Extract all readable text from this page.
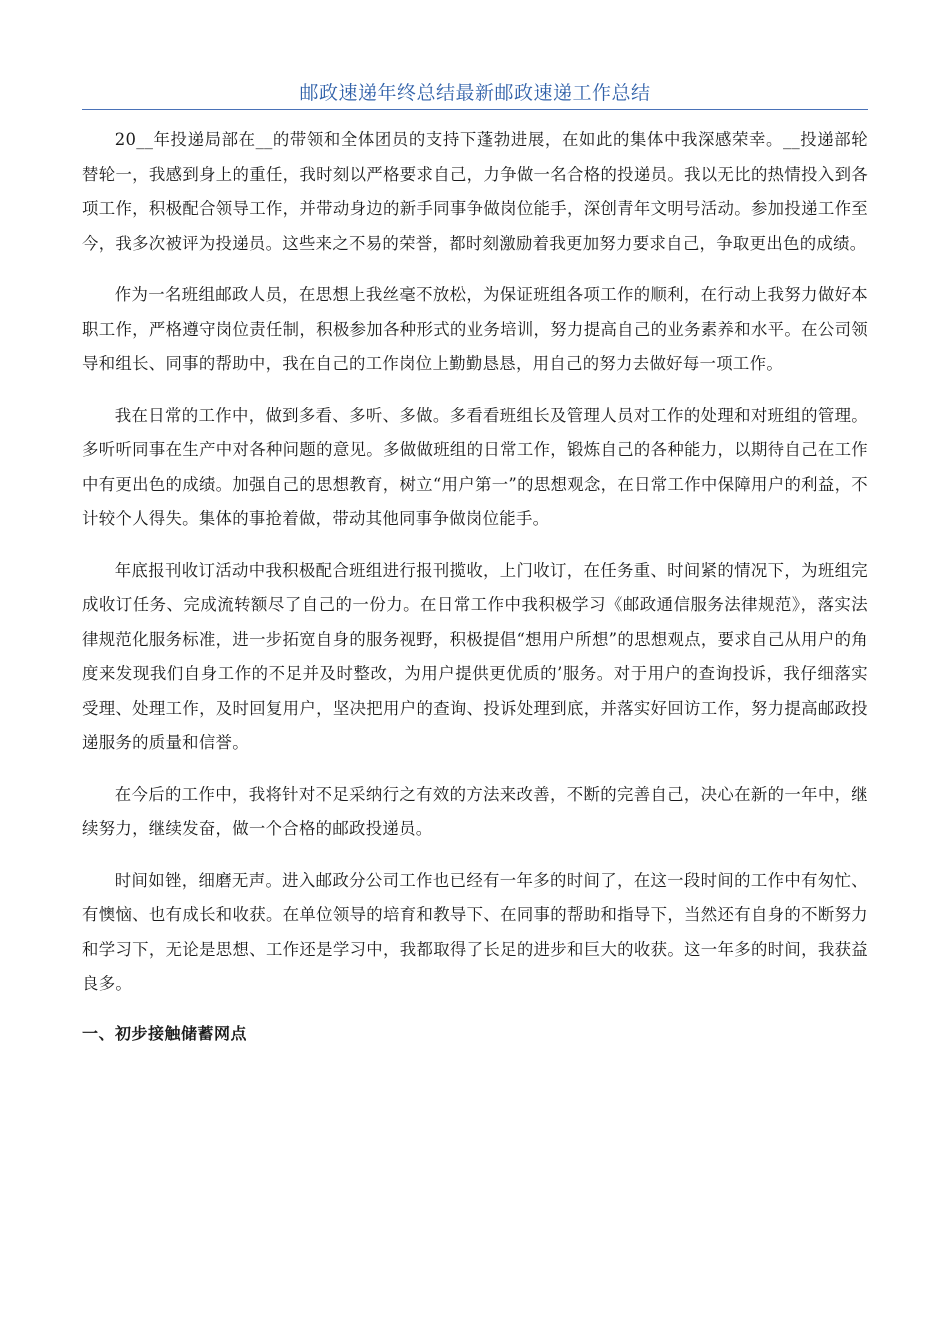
邮政速递年终总结最新邮政速递工作总结

20__年投递局部在__的带领和全体团员的支持下蓬勃进展，在如此的集体中我深感荣幸。__投递部轮替轮一，我感到身上的重任，我时刻以严格要求自己，力争做一名合格的投递员。我以无比的热情投入到各项工作，积极配合领导工作，并带动身边的新手同事争做岗位能手，深创青年文明号活动。参加投递工作至今，我多次被评为投递员。这些来之不易的荣誉，都时刻激励着我更加努力要求自己，争取更出色的成绩。

作为一名班组邮政人员，在思想上我丝毫不放松，为保证班组各项工作的顺利，在行动上我努力做好本职工作，严格遵守岗位责任制，积极参加各种形式的业务培训，努力提高自己的业务素养和水平。在公司领导和组长、同事的帮助中，我在自己的工作岗位上勤勤恳恳，用自己的努力去做好每一项工作。

我在日常的工作中，做到多看、多听、多做。多看看班组长及管理人员对工作的处理和对班组的管理。多听听同事在生产中对各种问题的意见。多做做班组的日常工作，锻炼自己的各种能力，以期待自己在工作中有更出色的成绩。加强自己的思想教育，树立“用户第一”的思想观念，在日常工作中保障用户的利益，不计较个人得失。集体的事抢着做，带动其他同事争做岗位能手。

年底报刊收订活动中我积极配合班组进行报刊揽收，上门收订，在任务重、时间紧的情况下，为班组完成收订任务、完成流转额尽了自己的一份力。在日常工作中我积极学习《邮政通信服务法律规范》，落实法律规范化服务标准，进一步拓宽自身的服务视野，积极提倡“想用户所想”的思想观点，要求自己从用户的角度来发现我们自身工作的不足并及时整改，为用户提供更优质的’服务。对于用户的查询投诉，我仔细落实受理、处理工作，及时回复用户，坚决把用户的查询、投诉处理到底，并落实好回访工作，努力提高邮政投递服务的质量和信誉。

在今后的工作中，我将针对不足采纳行之有效的方法来改善，不断的完善自己，决心在新的一年中，继续努力，继续发奋，做一个合格的邮政投递员。

时间如锉，细磨无声。进入邮政分公司工作也已经有一年多的时间了，在这一段时间的工作中有匆忙、有懊恼、也有成长和收获。在单位领导的培育和教导下、在同事的帮助和指导下，当然还有自身的不断努力和学习下，无论是思想、工作还是学习中，我都取得了长足的进步和巨大的收获。这一年多的时间，我获益良多。

一、初步接触储蓄网点
